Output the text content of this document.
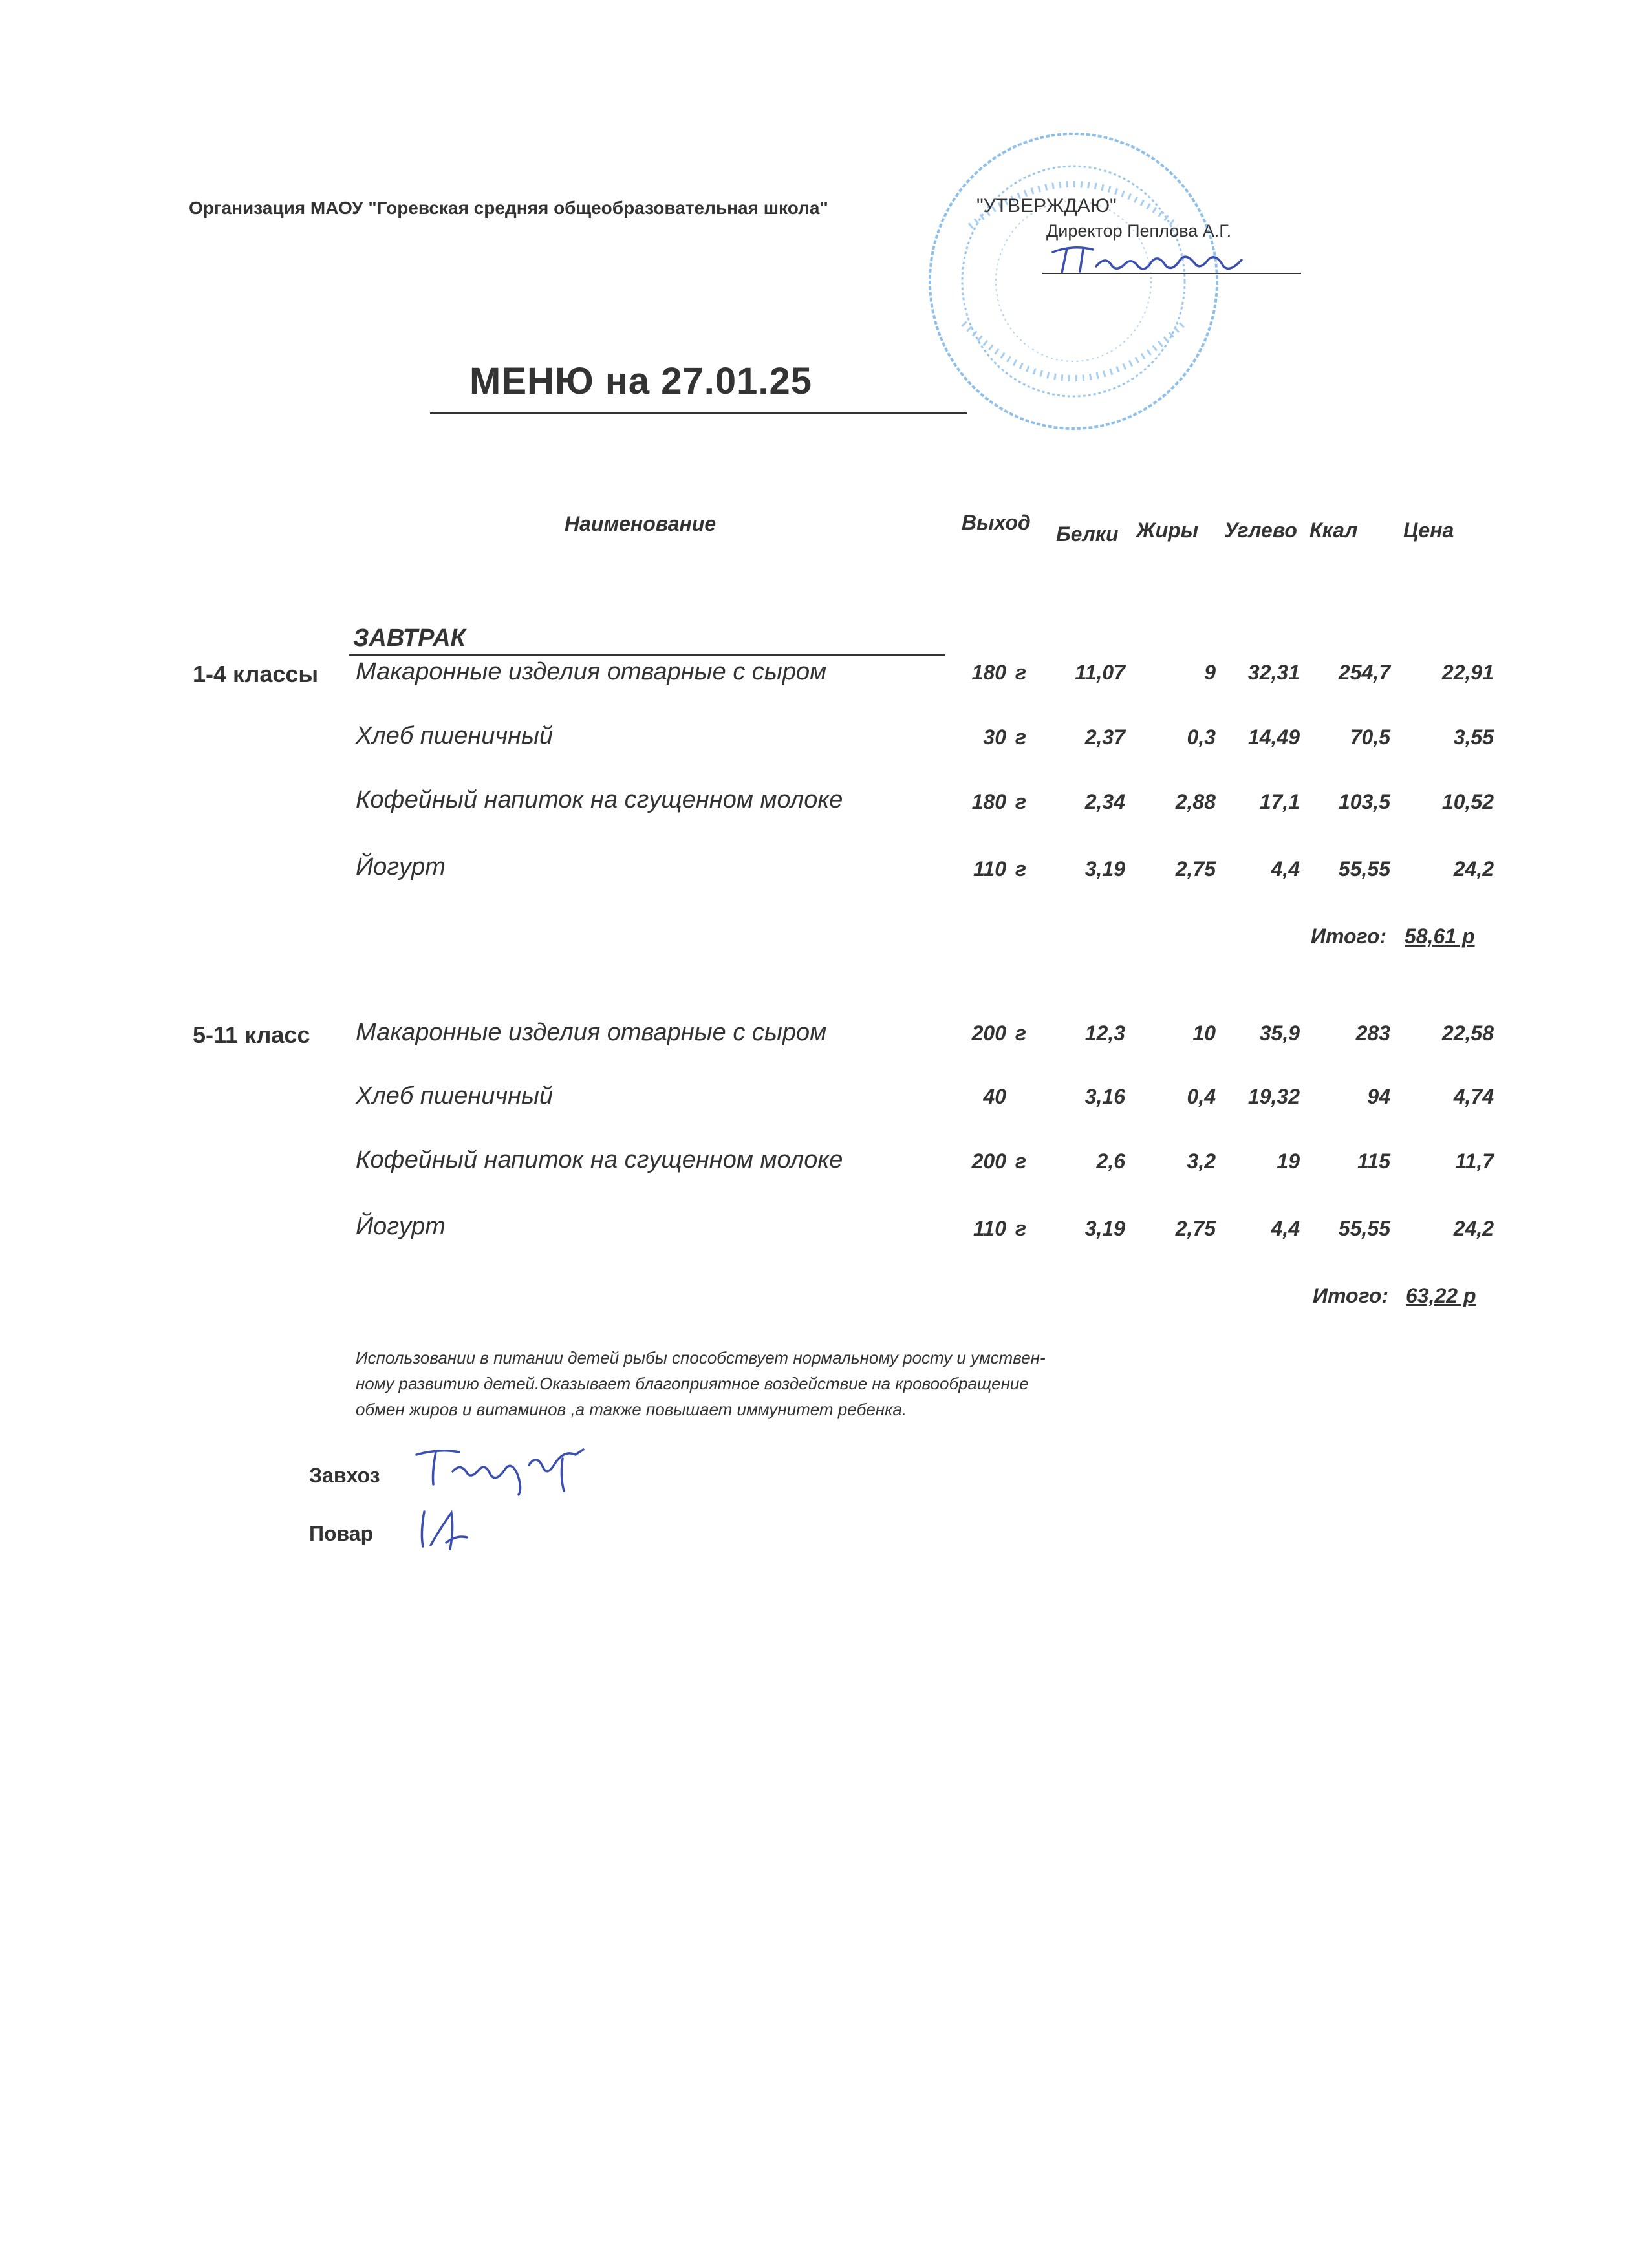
Организация МАОУ "Горевская средняя общеобразовательная школа"	"УТВЕРЖДАЮ"
Директор Пеплова А.Г.
МЕНЮ на 27.01.25
Наименование	Выход Белки Жиры Углево Ккал Цена
ЗАВТРАК
1-4 классы Макаронные изделия отварные с сыром	180 г	11,07	9	32,31	254,7	22,91
Хлеб пшеничный	30 г	2,37	0,3	14,49	70,5	3,55
Кофейный напиток на сгущенном молоке	180 г	2,34	2,88	17,1	103,5	10,52
Йогурт	110 г	3,19	2,75	4,4	55,55	24,2
Итого: 58,61 р
5-11 класс Макаронные изделия отварные с сыром	200 г	12,3	10	35,9	283	22,58
Хлеб пшеничный	40	3,16	0,4	19,32	94	4,74
Кофейный напиток на сгущенном молоке	200 г	2,6	3,2	19	115	11,7
Йогурт	110 г	3,19	2,75	4,4	55,55	24,2
Итого: 63,22 р
Использовании в питании детей рыбы способствует нормальному росту и умствен-
ному развитию детей.Оказывает благоприятное воздействие на кровообращение
обмен жиров и витаминов ,а также повышает иммунитет ребенка.
Завхоз
Повар
